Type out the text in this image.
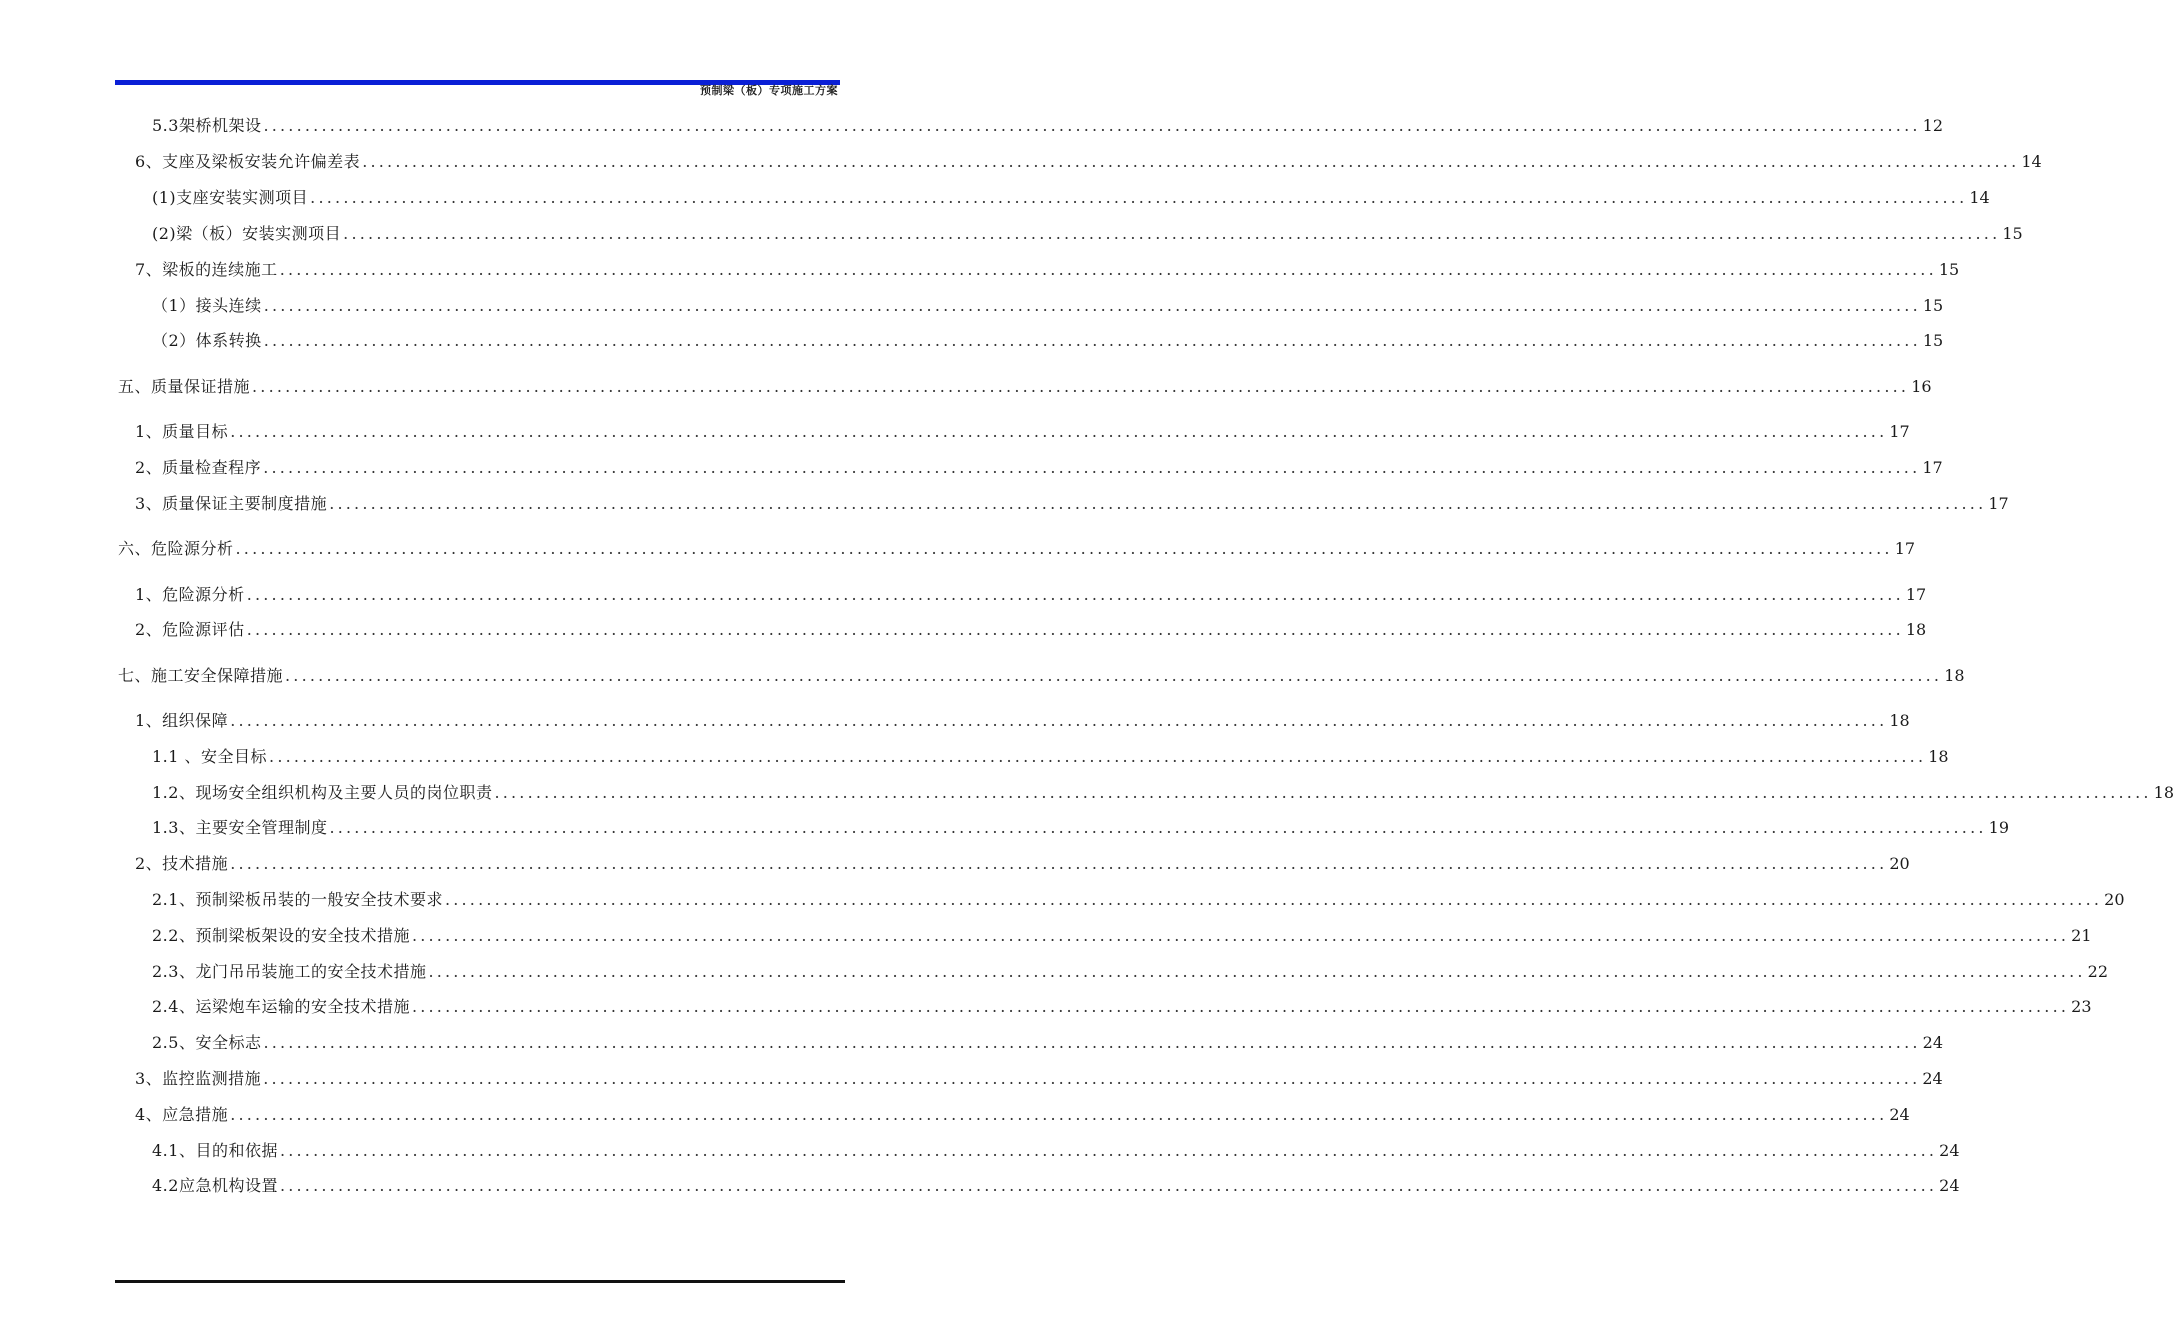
预制梁（板）专项施工方案
5.3架桥机架设 ........................................................................................................................................................................................................ 12
6、支座及梁板安装允许偏差表 ........................................................................................................................................................................................................ 14
(1)支座安装实测项目 ........................................................................................................................................................................................................ 14
(2)梁（板）安装实测项目 ........................................................................................................................................................................................................ 15
7、梁板的连续施工 ........................................................................................................................................................................................................ 15
（1）接头连续 ........................................................................................................................................................................................................ 15
（2）体系转换 ........................................................................................................................................................................................................ 15
五、质量保证措施 ........................................................................................................................................................................................................ 16
1、质量目标 ........................................................................................................................................................................................................ 17
2、质量检查程序 ........................................................................................................................................................................................................ 17
3、质量保证主要制度措施 ........................................................................................................................................................................................................ 17
六、危险源分析 ........................................................................................................................................................................................................ 17
1、危险源分析 ........................................................................................................................................................................................................ 17
2、危险源评估 ........................................................................................................................................................................................................ 18
七、施工安全保障措施 ........................................................................................................................................................................................................ 18
1、组织保障 ........................................................................................................................................................................................................ 18
1.1 、安全目标 ........................................................................................................................................................................................................ 18
1.2、现场安全组织机构及主要人员的岗位职责 ........................................................................................................................................................................................................ 18
1.3、主要安全管理制度 ........................................................................................................................................................................................................ 19
2、技术措施 ........................................................................................................................................................................................................ 20
2.1、预制梁板吊装的一般安全技术要求 ........................................................................................................................................................................................................ 20
2.2、预制梁板架设的安全技术措施 ........................................................................................................................................................................................................ 21
2.3、龙门吊吊装施工的安全技术措施 ........................................................................................................................................................................................................ 22
2.4、运梁炮车运输的安全技术措施 ........................................................................................................................................................................................................ 23
2.5、安全标志 ........................................................................................................................................................................................................ 24
3、监控监测措施 ........................................................................................................................................................................................................ 24
4、应急措施 ........................................................................................................................................................................................................ 24
4.1、目的和依据 ........................................................................................................................................................................................................ 24
4.2应急机构设置 ........................................................................................................................................................................................................ 24
